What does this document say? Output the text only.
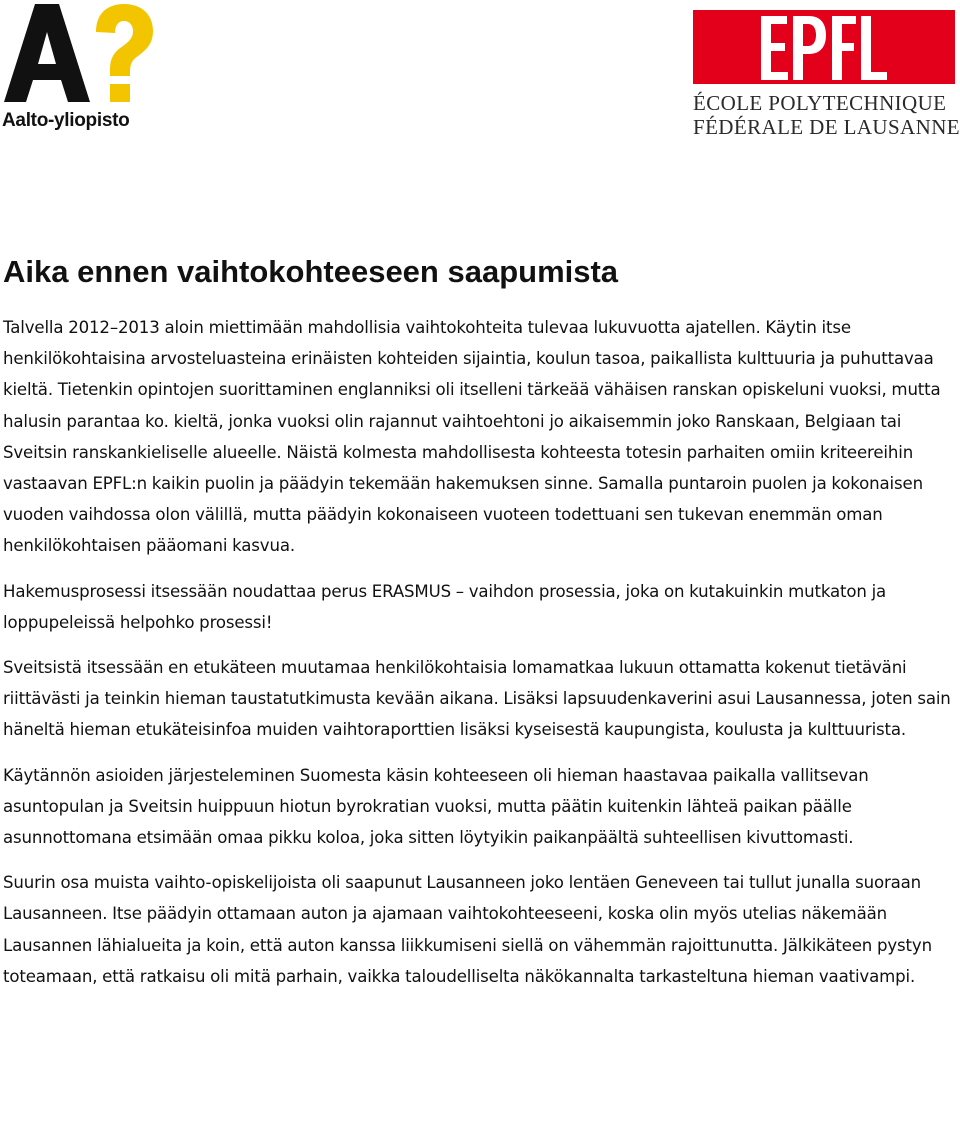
Aalto-yliopisto
ÉCOLE POLYTECHNIQUE
FÉDÉRALE DE LAUSANNE
Aika ennen vaihtokohteeseen saapumista

Talvella 2012–2013 aloin miettimään mahdollisia vaihtokohteita tulevaa lukuvuotta ajatellen. Käytin itse henkilökohtaisina arvosteluasteina erinäisten kohteiden sijaintia, koulun tasoa, paikallista kulttuuria ja puhuttavaa kieltä. Tietenkin opintojen suorittaminen englanniksi oli itselleni tärkeää vähäisen ranskan opiskeluni vuoksi, mutta halusin parantaa ko. kieltä, jonka vuoksi olin rajannut vaihtoehtoni jo aikaisemmin joko Ranskaan, Belgiaan tai Sveitsin ranskankieliselle alueelle. Näistä kolmesta mahdollisesta kohteesta totesin parhaiten omiin kriteereihin vastaavan EPFL:n kaikin puolin ja päädyin tekemään hakemuksen sinne. Samalla puntaroin puolen ja kokonaisen vuoden vaihdossa olon välillä, mutta päädyin kokonaiseen vuoteen todettuani sen tukevan enemmän oman henkilökohtaisen pääomani kasvua.

Hakemusprosessi itsessään noudattaa perus ERASMUS – vaihdon prosessia, joka on kutakuinkin mutkaton ja loppupeleissä helpohko prosessi!

Sveitsistä itsessään en etukäteen muutamaa henkilökohtaisia lomamatkaa lukuun ottamatta kokenut tietäväni riittävästi ja teinkin hieman taustatutkimusta kevään aikana. Lisäksi lapsuudenkaverini asui Lausannessa, joten sain häneltä hieman etukäteisinfoa muiden vaihtoraporttien lisäksi kyseisestä kaupungista, koulusta ja kulttuurista.

Käytännön asioiden järjesteleminen Suomesta käsin kohteeseen oli hieman haastavaa paikalla vallitsevan asuntopulan ja Sveitsin huippuun hiotun byrokratian vuoksi, mutta päätin kuitenkin lähteä paikan päälle asunnottomana etsimään omaa pikku koloa, joka sitten löytyikin paikanpäältä suhteellisen kivuttomasti.

Suurin osa muista vaihto-opiskelijoista oli saapunut Lausanneen joko lentäen Geneveen tai tullut junalla suoraan Lausanneen. Itse päädyin ottamaan auton ja ajamaan vaihtokohteeseeni, koska olin myös utelias näkemään Lausannen lähialueita ja koin, että auton kanssa liikkumiseni siellä on vähemmän rajoittunutta. Jälkikäteen pystyn toteamaan, että ratkaisu oli mitä parhain, vaikka taloudelliselta näkökannalta tarkasteltuna hieman vaativampi.
